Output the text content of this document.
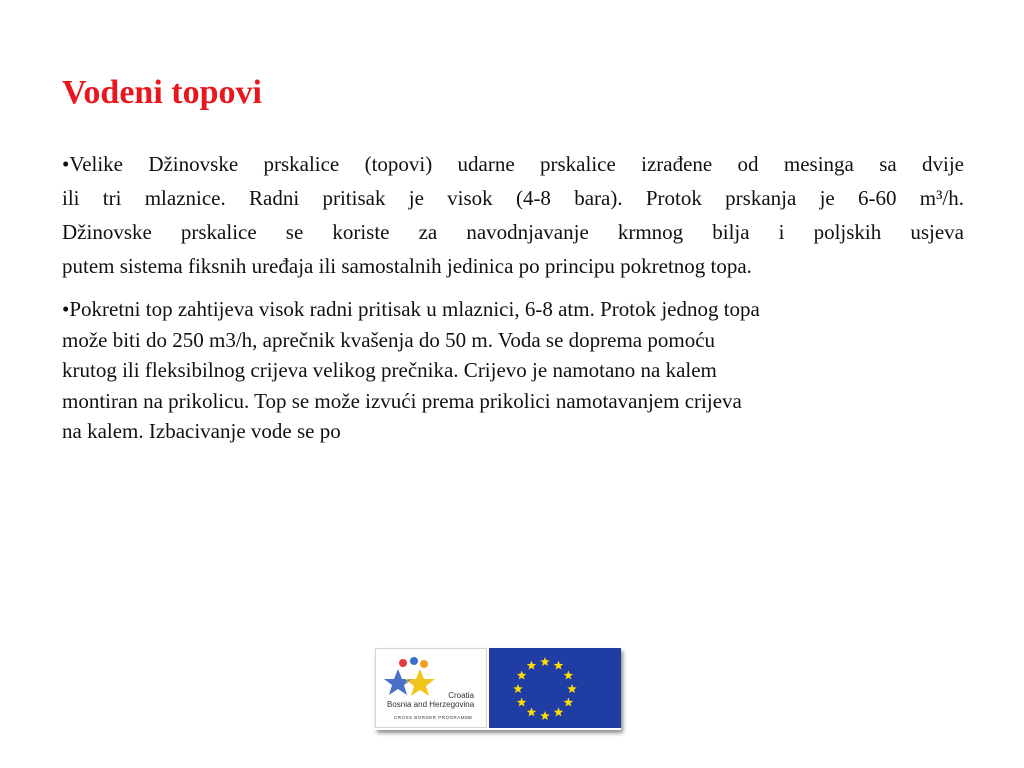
Vodeni topovi
•Velike Džinovske prskalice (topovi) udarne prskalice izrađene od mesinga sa dvije
ili tri mlaznice. Radni pritisak je visok (4-8 bara). Protok prskanja je 6-60 m³/h.
Džinovske prskalice se koriste za navodnjavanje krmnog bilja i poljskih usjeva
putem sistema fiksnih uređaja ili samostalnih jedinica po principu pokretnog topa.
•Pokretni top zahtijeva visok radni pritisak u mlaznici, 6-8 atm. Protok jednog topa
može biti do 250 m3/h, aprečnik kvašenja do 50 m. Voda se doprema pomoću
krutog ili fleksibilnog crijeva velikog prečnika. Crijevo je namotano na kalem
montiran na prikolicu. Top se može izvući prema prikolici namotavanjem crijeva
na kalem. Izbacivanje vode se po
Croatia
Bosnia and Herzegovina
CROSS BORDER PROGRAMME
